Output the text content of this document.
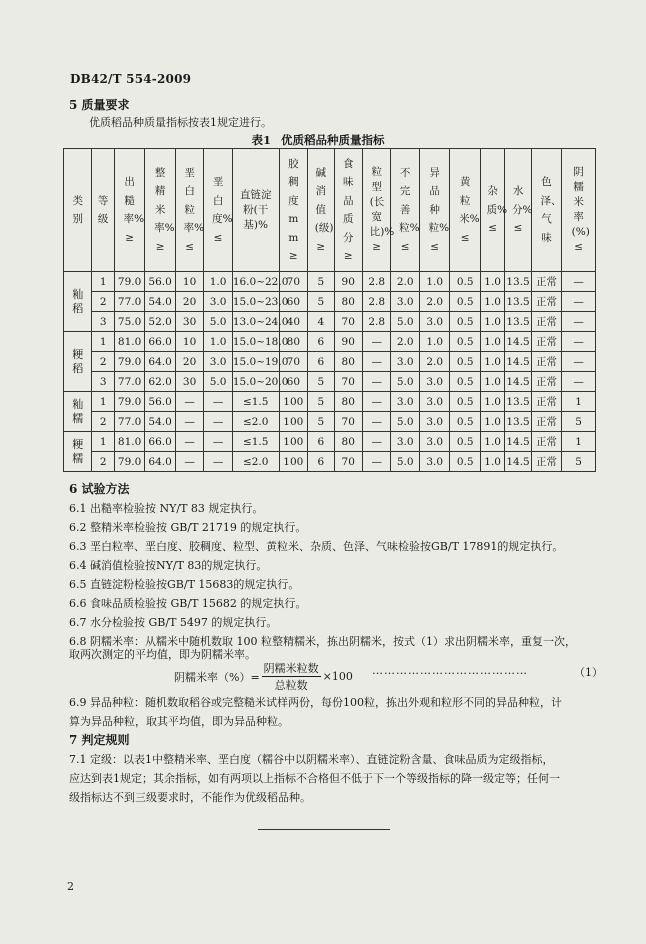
DB42/T 554-2009
5 质量要求
优质稻品种质量指标按表1规定进行。
表1 优质稻品种质量指标
类别	等级	出糙率%≥	整精米率%≥	垩白粒率%≤	垩白度%≤	直链淀粉(干基)%	胶稠度mm≥	碱消值(级)≥	食味品质分≥	粒型(长宽比)%≥	不完善粒%≤	异品种粒%≤	黄粒米%≤	杂质%≤	水分%≤	色泽、气味	阴糯米率(%)≤
籼稻	1	79.0	56.0	10	1.0	16.0~22.0	70	5	90	2.8	2.0	1.0	0.5	1.0	13.5	正常	—
	2	77.0	54.0	20	3.0	15.0~23.0	60	5	80	2.8	3.0	2.0	0.5	1.0	13.5	正常	—
	3	75.0	52.0	30	5.0	13.0~24.0	40	4	70	2.8	5.0	3.0	0.5	1.0	13.5	正常	—
粳稻	1	81.0	66.0	10	1.0	15.0~18.0	80	6	90	—	2.0	1.0	0.5	1.0	14.5	正常	—
	2	79.0	64.0	20	3.0	15.0~19.0	70	6	80	—	3.0	2.0	0.5	1.0	14.5	正常	—
	3	77.0	62.0	30	5.0	15.0~20.0	60	5	70	—	5.0	3.0	0.5	1.0	14.5	正常	—
籼糯	1	79.0	56.0	—	—	≤1.5	100	5	80	—	3.0	3.0	0.5	1.0	13.5	正常	1
	2	77.0	54.0	—	—	≤2.0	100	5	70	—	5.0	3.0	0.5	1.0	13.5	正常	5
粳糯	1	81.0	66.0	—	—	≤1.5	100	6	80	—	3.0	3.0	0.5	1.0	14.5	正常	1
	2	79.0	64.0	—	—	≤2.0	100	6	70	—	5.0	3.0	0.5	1.0	14.5	正常	5
6 试验方法
6.1 出糙率检验按 NY/T 83 规定执行。
6.2 整精米率检验按 GB/T 21719 的规定执行。
6.3 垩白粒率、垩白度、胶稠度、粒型、黄粒米、杂质、色泽、气味检验按GB/T 17891的规定执行。
6.4 碱消值检验按NY/T 83的规定执行。
6.5 直链淀粉检验按GB/T 15683的规定执行。
6.6 食味品质检验按 GB/T 15682 的规定执行。
6.7 水分检验按 GB/T 5497 的规定执行。
6.8 阴糯米率：从糯米中随机数取 100 粒整精糯米，拣出阴糯米，按式（1）求出阴糯米率，重复一次，
取两次测定的平均值，即为阴糯米率。
阴糯米率（%）= $\frac{\text{阴糯米粒数}}{\text{总粒数}} \times 100$ …………………………………	（1）
6.9 异品种粒：随机数取稻谷或完整糙米试样两份，每份100粒，拣出外观和粒形不同的异品种粒，计
算为异品种粒，取其平均值，即为异品种粒。
7 判定规则
7.1 定级：以表1中整精米率、垩白度（糯谷中以阴糯米率）、直链淀粉含量、食味品质为定级指标，
应达到表1规定；其余指标，如有两项以上指标不合格但不低于下一个等级指标的降一级定等；任何一
级指标达不到三级要求时，不能作为优级稻品种。
2
